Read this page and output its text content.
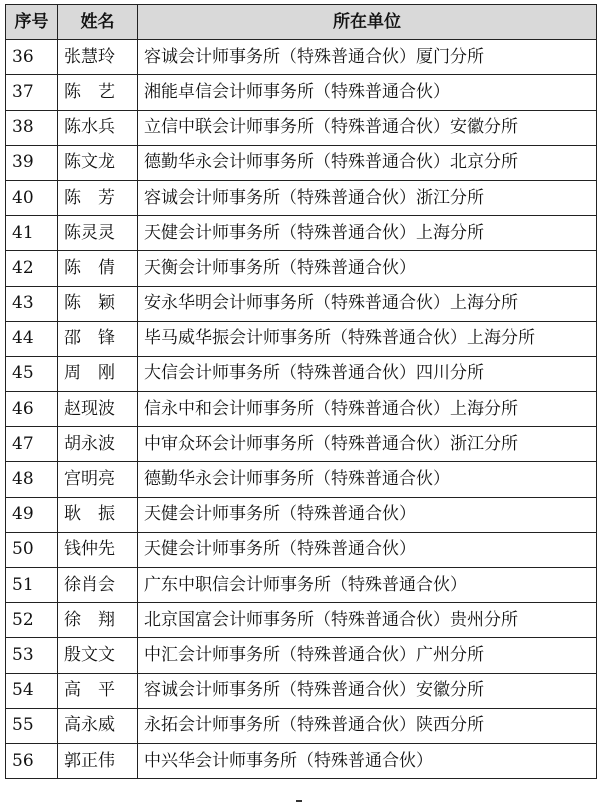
序号	姓名	所在单位
36	张慧玲	容诚会计师事务所（特殊普通合伙）厦门分所
37	陈　艺	湘能卓信会计师事务所（特殊普通合伙）
38	陈水兵	立信中联会计师事务所（特殊普通合伙）安徽分所
39	陈文龙	德勤华永会计师事务所（特殊普通合伙）北京分所
40	陈　芳	容诚会计师事务所（特殊普通合伙）浙江分所
41	陈灵灵	天健会计师事务所（特殊普通合伙）上海分所
42	陈　倩	天衡会计师事务所（特殊普通合伙）
43	陈　颖	安永华明会计师事务所（特殊普通合伙）上海分所
44	邵　锋	毕马威华振会计师事务所（特殊普通合伙）上海分所
45	周　刚	大信会计师事务所（特殊普通合伙）四川分所
46	赵现波	信永中和会计师事务所（特殊普通合伙）上海分所
47	胡永波	中审众环会计师事务所（特殊普通合伙）浙江分所
48	宫明亮	德勤华永会计师事务所（特殊普通合伙）
49	耿　振	天健会计师事务所（特殊普通合伙）
50	钱仲先	天健会计师事务所（特殊普通合伙）
51	徐肖会	广东中职信会计师事务所（特殊普通合伙）
52	徐　翔	北京国富会计师事务所（特殊普通合伙）贵州分所
53	殷文文	中汇会计师事务所（特殊普通合伙）广州分所
54	高　平	容诚会计师事务所（特殊普通合伙）安徽分所
55	高永威	永拓会计师事务所（特殊普通合伙）陕西分所
56	郭正伟	中兴华会计师事务所（特殊普通合伙）
